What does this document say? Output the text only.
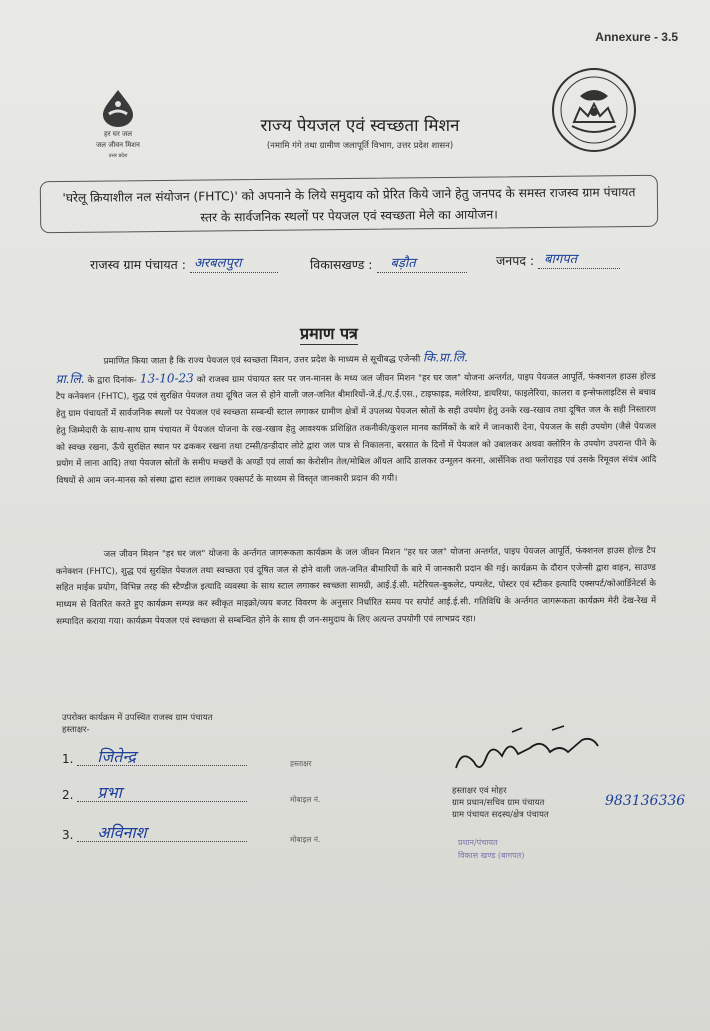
Annexure - 3.5
हर घर जल
जल जीवन मिशन
उत्तर प्रदेश
राज्य पेयजल एवं स्वच्छता मिशन
(नमामि गंगे तथा ग्रामीण जलापूर्ति विभाग, उत्तर प्रदेश शासन)
'घरेलू क्रियाशील नल संयोजन (FHTC)' को अपनाने के लिये समुदाय को प्रेरित किये जाने हेतु जनपद के समस्त राजस्व ग्राम पंचायत स्तर के सार्वजनिक स्थलों पर पेयजल एवं स्वच्छता मेले का आयोजन।
राजस्व ग्राम पंचायत : अरबलपुरा	विकासखण्ड : बड़ौत	जनपद : बागपत
प्रमाण पत्र
प्रमाणित किया जाता है कि राज्य पेयजल एवं स्वच्छता मिशन, उत्तर प्रदेश के माध्यम से सूचीबद्ध एजेन्सी कि.प्रा.लि.
प्रा.लि. के द्वारा दिनांक- 13-10-23 को राजस्व ग्राम पंचायत स्तर पर जन-मानस के मध्य जल जीवन मिशन "हर घर जल" योजना अन्तर्गत, पाइप पेयजल आपूर्ति, फंक्शनल हाउस होल्ड टैप कनेक्शन (FHTC), शुद्ध एवं सुरक्षित पेयजल तथा दूषित जल से होने वाली जल-जनित बीमारियों-जे.ई./ए.ई.एस., टाइफाइड, मलेरिया, डायरिया, फाइलेरिया, कालरा व इन्सेफलाइटिस से बचाव हेतु ग्राम पंचायतों में सार्वजनिक स्थलों पर पेयजल एवं स्वच्छता सम्बन्धी स्टाल लगाकर ग्रामीण क्षेत्रों में उपलब्ध पेयजल स्रोतों के सही उपयोग हेतु उनके रख-रखाव तथा दूषित जल के सही निस्तारण हेतु जिम्मेदारी के साथ-साथ ग्राम पंचायत में पेयजल योजना के रख-रखाव हेतु आवश्यक प्रशिक्षित तकनीकी/कुशल मानव कार्मिकों के बारे में जानकारी देना, पेयजल के सही उपयोग (जैसे पेयजल को स्वच्छ रखना, ऊँचे सुरक्षित स्थान पर ढककर रखना तथा टम्सी/डन्डीदार लोटे द्वारा जल पात्र से निकालना, बरसात के दिनों में पेयजल को उबालकर अथवा क्लोरिन के उपयोग उपरान्त पीने के प्रयोग में लाना आदि) तथा पेयजल स्रोतों के समीप मच्छरों के अण्डों एवं लार्वा का केरोसीन तेल/मोबिल ऑयल आदि डालकर उन्मूलन करना, आर्सेनिक तथा फ्लोराइड एवं उसके रिमूवल संयंत्र आदि विषयों से आम जन-मानस को संस्था द्वारा स्टाल लगाकर एक्सपर्ट के माध्यम से विस्तृत जानकारी प्रदान की गयी।
जल जीवन मिशन "हर घर जल" योजना के अर्न्तगत जागरूकता कार्यक्रम के जल जीवन मिशन "हर घर जल" योजना अन्तर्गत, पाइप पेयजल आपूर्ति, फंक्शनल हाउस होल्ड टैप कनेक्शन (FHTC), शुद्ध एवं सुरक्षित पेयजल तथा स्वच्छता एवं दूषित जल से होने वाली जल-जनित बीमारियों के बारे में जानकारी प्रदान की गई। कार्यक्रम के दौरान एजेन्सी द्वारा वाहन, साउण्ड सहित माईक प्रयोग, विभिन्न तरह की स्टैण्डीज इत्यादि व्यवस्था के साथ स्टाल लगाकर स्वच्छता सामग्री, आई.ई.सी. मटेरियल-बुकलेट, पम्पलेट, पोस्टर एवं स्टीकर इत्यादि एक्सपर्ट/कोआर्डिनेटर्स के माध्यम से वितरित करते हुए कार्यक्रम सम्पन्न कर स्वीकृत माइक्रो/व्यय बजट विवरण के अनुसार निर्धारित समय पर सपोर्ट आई.ई.सी. गतिविधि के अर्न्तगत जागरूकता कार्यक्रम मेरी देख-रेख में सम्पादित कराया गया। कार्यक्रम पेयजल एवं स्वच्छता से सम्बन्धित होने के साथ ही जन-समुदाय के लिए अत्यन्त उपयोगी एवं लाभप्रद रहा।
उपरोक्त कार्यक्रम में उपस्थित राजस्व ग्राम पंचायत
हस्ताक्षर-
1. जितेन्द्र	हस्ताक्षर
2. प्रभा	मोबाइल नं.
3. अविनाश	मोबाइल नं.
हस्ताक्षर एवं मोहर
ग्राम प्रधान/सचिव ग्राम पंचायत
ग्राम पंचायत सदस्य/क्षेत्र पंचायत
983136336
प्रधान/पंचायत
विकास खण्ड (बागपत)
